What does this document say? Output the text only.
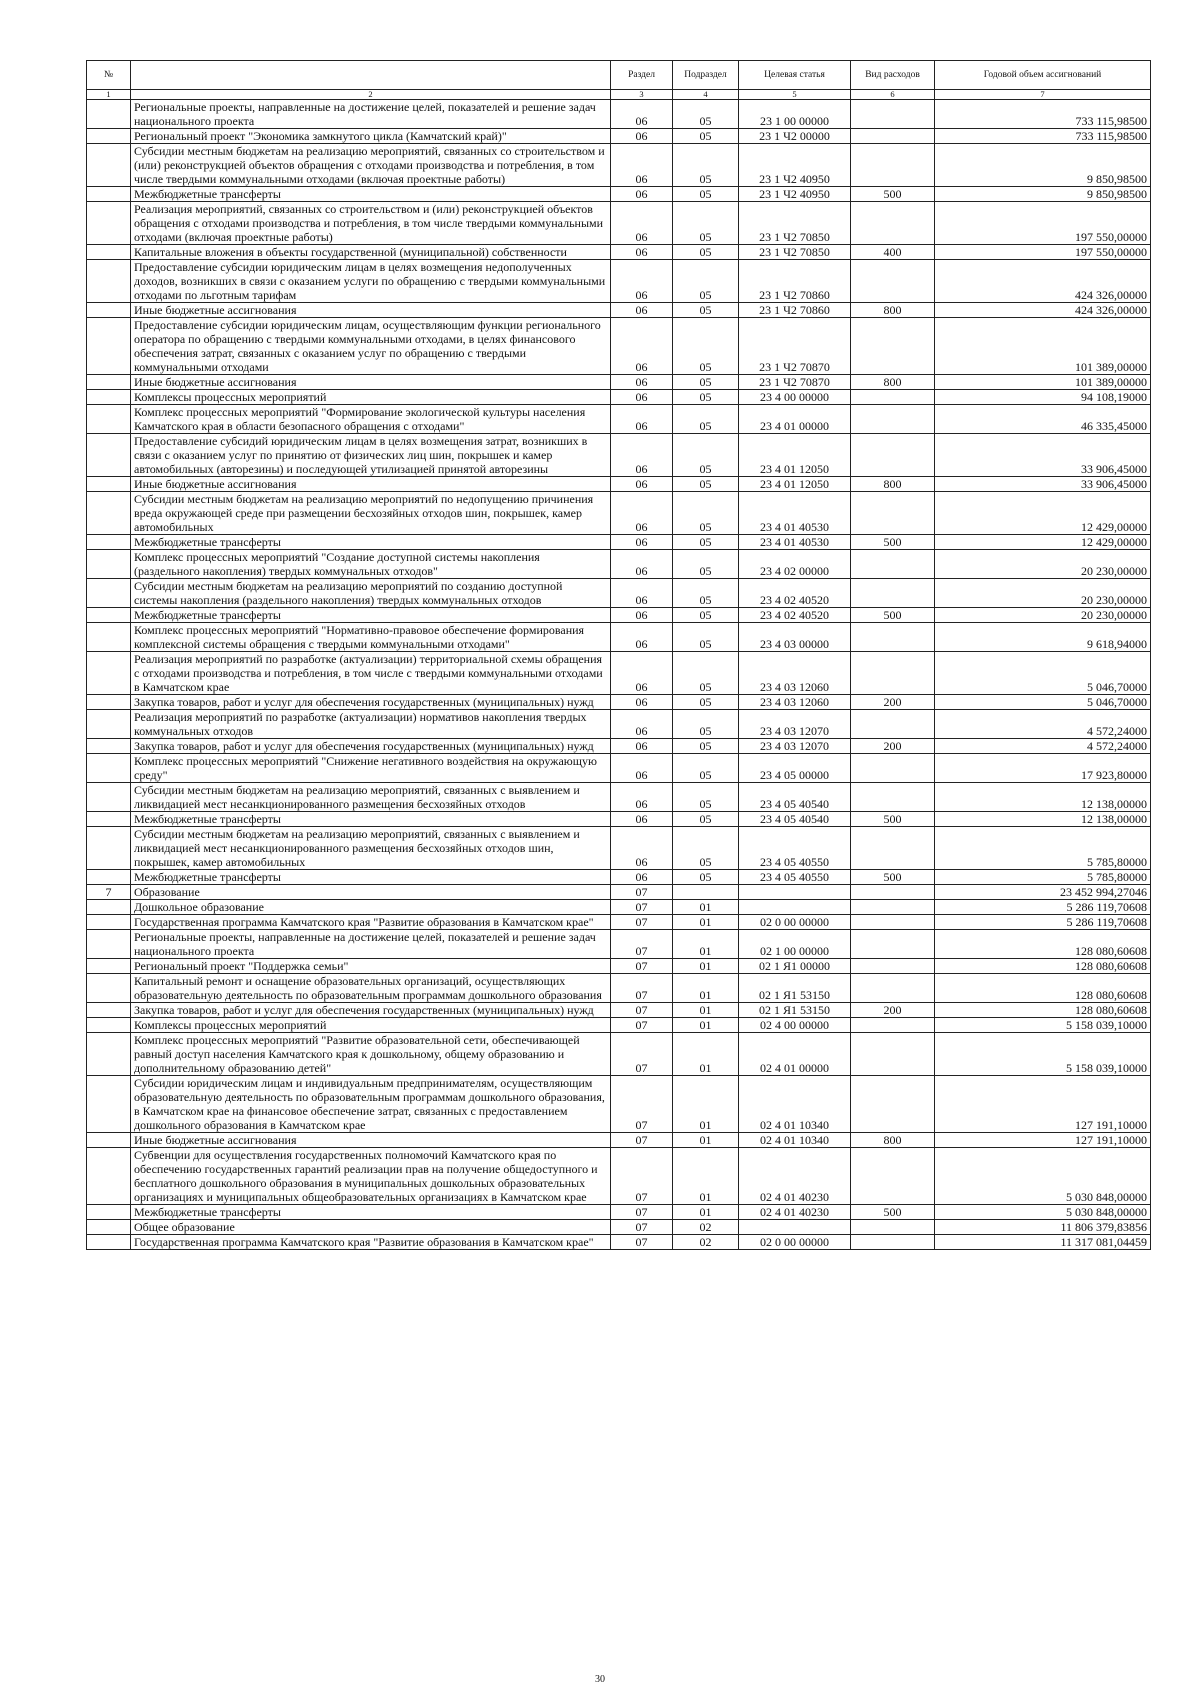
№		Раздел	Подраздел	Целевая статья	Вид расходов	Годовой объем ассигнований
1	2	3	4	5	6	7
	Региональные проекты, направленные на достижение целей, показателей и решение задач национального проекта	06	05	23 1 00 00000		733 115,98500
	Региональный проект "Экономика замкнутого цикла (Камчатский край)"	06	05	23 1 Ч2 00000		733 115,98500
	Субсидии местным бюджетам на реализацию мероприятий, связанных со строительством и (или) реконструкцией объектов обращения с отходами производства и потребления, в том числе твердыми коммунальными отходами (включая проектные работы)	06	05	23 1 Ч2 40950		9 850,98500
	Межбюджетные трансферты	06	05	23 1 Ч2 40950	500	9 850,98500
	Реализация мероприятий, связанных со строительством и (или) реконструкцией объектов обращения с отходами производства и потребления, в том числе твердыми коммунальными отходами (включая проектные работы)	06	05	23 1 Ч2 70850		197 550,00000
	Капитальные вложения в объекты государственной (муниципальной) собственности	06	05	23 1 Ч2 70850	400	197 550,00000
	Предоставление субсидии юридическим лицам в целях возмещения недополученных доходов, возникших в связи с оказанием услуги по обращению с твердыми коммунальными отходами по льготным тарифам	06	05	23 1 Ч2 70860		424 326,00000
	Иные бюджетные ассигнования	06	05	23 1 Ч2 70860	800	424 326,00000
	Предоставление субсидии юридическим лицам, осуществляющим функции регионального оператора по обращению с твердыми коммунальными отходами, в целях финансового обеспечения затрат, связанных с оказанием услуг по обращению с твердыми коммунальными отходами	06	05	23 1 Ч2 70870		101 389,00000
	Иные бюджетные ассигнования	06	05	23 1 Ч2 70870	800	101 389,00000
	Комплексы процессных мероприятий	06	05	23 4 00 00000		94 108,19000
	Комплекс процессных мероприятий "Формирование экологической культуры населения Камчатского края в области безопасного обращения с отходами"	06	05	23 4 01 00000		46 335,45000
	Предоставление субсидий юридическим лицам в целях возмещения затрат, возникших в связи с оказанием услуг по принятию от физических лиц шин, покрышек и камер автомобильных (авторезины) и последующей утилизацией принятой авторезины	06	05	23 4 01 12050		33 906,45000
	Иные бюджетные ассигнования	06	05	23 4 01 12050	800	33 906,45000
	Субсидии местным бюджетам на реализацию мероприятий по недопущению причинения вреда окружающей среде при размещении бесхозяйных отходов шин, покрышек, камер автомобильных	06	05	23 4 01 40530		12 429,00000
	Межбюджетные трансферты	06	05	23 4 01 40530	500	12 429,00000
	Комплекс процессных мероприятий "Создание доступной системы накопления (раздельного накопления) твердых коммунальных отходов"	06	05	23 4 02 00000		20 230,00000
	Субсидии местным бюджетам на реализацию мероприятий по созданию доступной системы накопления (раздельного накопления) твердых коммунальных отходов	06	05	23 4 02 40520		20 230,00000
	Межбюджетные трансферты	06	05	23 4 02 40520	500	20 230,00000
	Комплекс процессных мероприятий "Нормативно-правовое обеспечение формирования комплексной системы обращения с твердыми коммунальными отходами"	06	05	23 4 03 00000		9 618,94000
	Реализация мероприятий по разработке (актуализации) территориальной схемы обращения с отходами производства и потребления, в том числе с твердыми коммунальными отходами в Камчатском крае	06	05	23 4 03 12060		5 046,70000
	Закупка товаров, работ и услуг для обеспечения государственных (муниципальных) нужд	06	05	23 4 03 12060	200	5 046,70000
	Реализация мероприятий по разработке (актуализации) нормативов накопления твердых коммунальных отходов	06	05	23 4 03 12070		4 572,24000
	Закупка товаров, работ и услуг для обеспечения государственных (муниципальных) нужд	06	05	23 4 03 12070	200	4 572,24000
	Комплекс процессных мероприятий "Снижение негативного воздействия на окружающую среду"	06	05	23 4 05 00000		17 923,80000
	Субсидии местным бюджетам на реализацию мероприятий, связанных с выявлением и ликвидацией мест несанкционированного размещения бесхозяйных отходов	06	05	23 4 05 40540		12 138,00000
	Межбюджетные трансферты	06	05	23 4 05 40540	500	12 138,00000
	Субсидии местным бюджетам на реализацию мероприятий, связанных с выявлением и ликвидацией мест несанкционированного размещения бесхозяйных отходов шин, покрышек, камер автомобильных	06	05	23 4 05 40550		5 785,80000
	Межбюджетные трансферты	06	05	23 4 05 40550	500	5 785,80000
7	Образование	07				23 452 994,27046
	Дошкольное образование	07	01			5 286 119,70608
	Государственная программа Камчатского края "Развитие образования в Камчатском крае"	07	01	02 0 00 00000		5 286 119,70608
	Региональные проекты, направленные на достижение целей, показателей и решение задач национального проекта	07	01	02 1 00 00000		128 080,60608
	Региональный проект "Поддержка семьи"	07	01	02 1 Я1 00000		128 080,60608
	Капитальный ремонт и оснащение образовательных организаций, осуществляющих образовательную деятельность по образовательным программам дошкольного образования	07	01	02 1 Я1 53150		128 080,60608
	Закупка товаров, работ и услуг для обеспечения государственных (муниципальных) нужд	07	01	02 1 Я1 53150	200	128 080,60608
	Комплексы процессных мероприятий	07	01	02 4 00 00000		5 158 039,10000
	Комплекс процессных мероприятий "Развитие образовательной сети, обеспечивающей равный доступ населения Камчатского края к дошкольному, общему образованию и дополнительному образованию детей"	07	01	02 4 01 00000		5 158 039,10000
	Субсидии юридическим лицам и индивидуальным предпринимателям, осуществляющим образовательную деятельность по образовательным программам дошкольного образования, в Камчатском крае на финансовое обеспечение затрат, связанных с предоставлением дошкольного образования в Камчатском крае	07	01	02 4 01 10340		127 191,10000
	Иные бюджетные ассигнования	07	01	02 4 01 10340	800	127 191,10000
	Субвенции для осуществления государственных полномочий Камчатского края по обеспечению государственных гарантий реализации прав на получение общедоступного и бесплатного дошкольного образования в муниципальных дошкольных образовательных организациях и муниципальных общеобразовательных организациях в Камчатском крае	07	01	02 4 01 40230		5 030 848,00000
	Межбюджетные трансферты	07	01	02 4 01 40230	500	5 030 848,00000
	Общее образование	07	02			11 806 379,83856
	Государственная программа Камчатского края "Развитие образования в Камчатском крае"	07	02	02 0 00 00000		11 317 081,04459
30
